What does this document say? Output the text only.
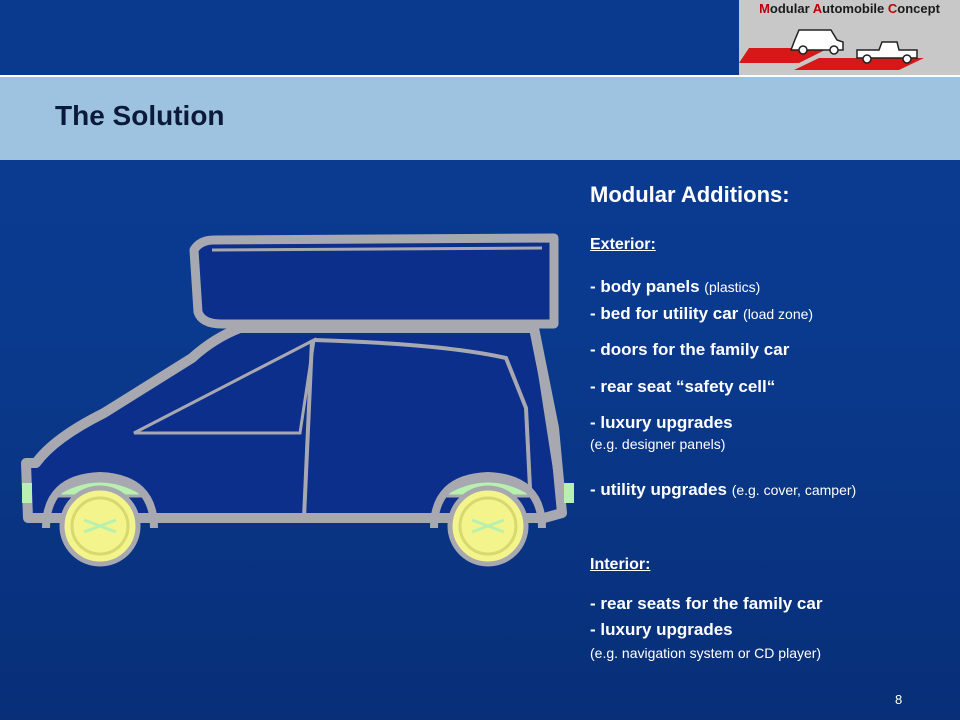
Modular Automobile Concept
The Solution
Modular Additions:
Exterior:
- body panels (plastics)
- bed for utility car (load zone)
- doors for the family car
- rear seat “safety cell“
- luxury upgrades
(e.g. designer panels)
- utility upgrades (e.g. cover, camper)
Interior:
- rear seats for the family car
- luxury upgrades
(e.g. navigation system or CD player)
8
